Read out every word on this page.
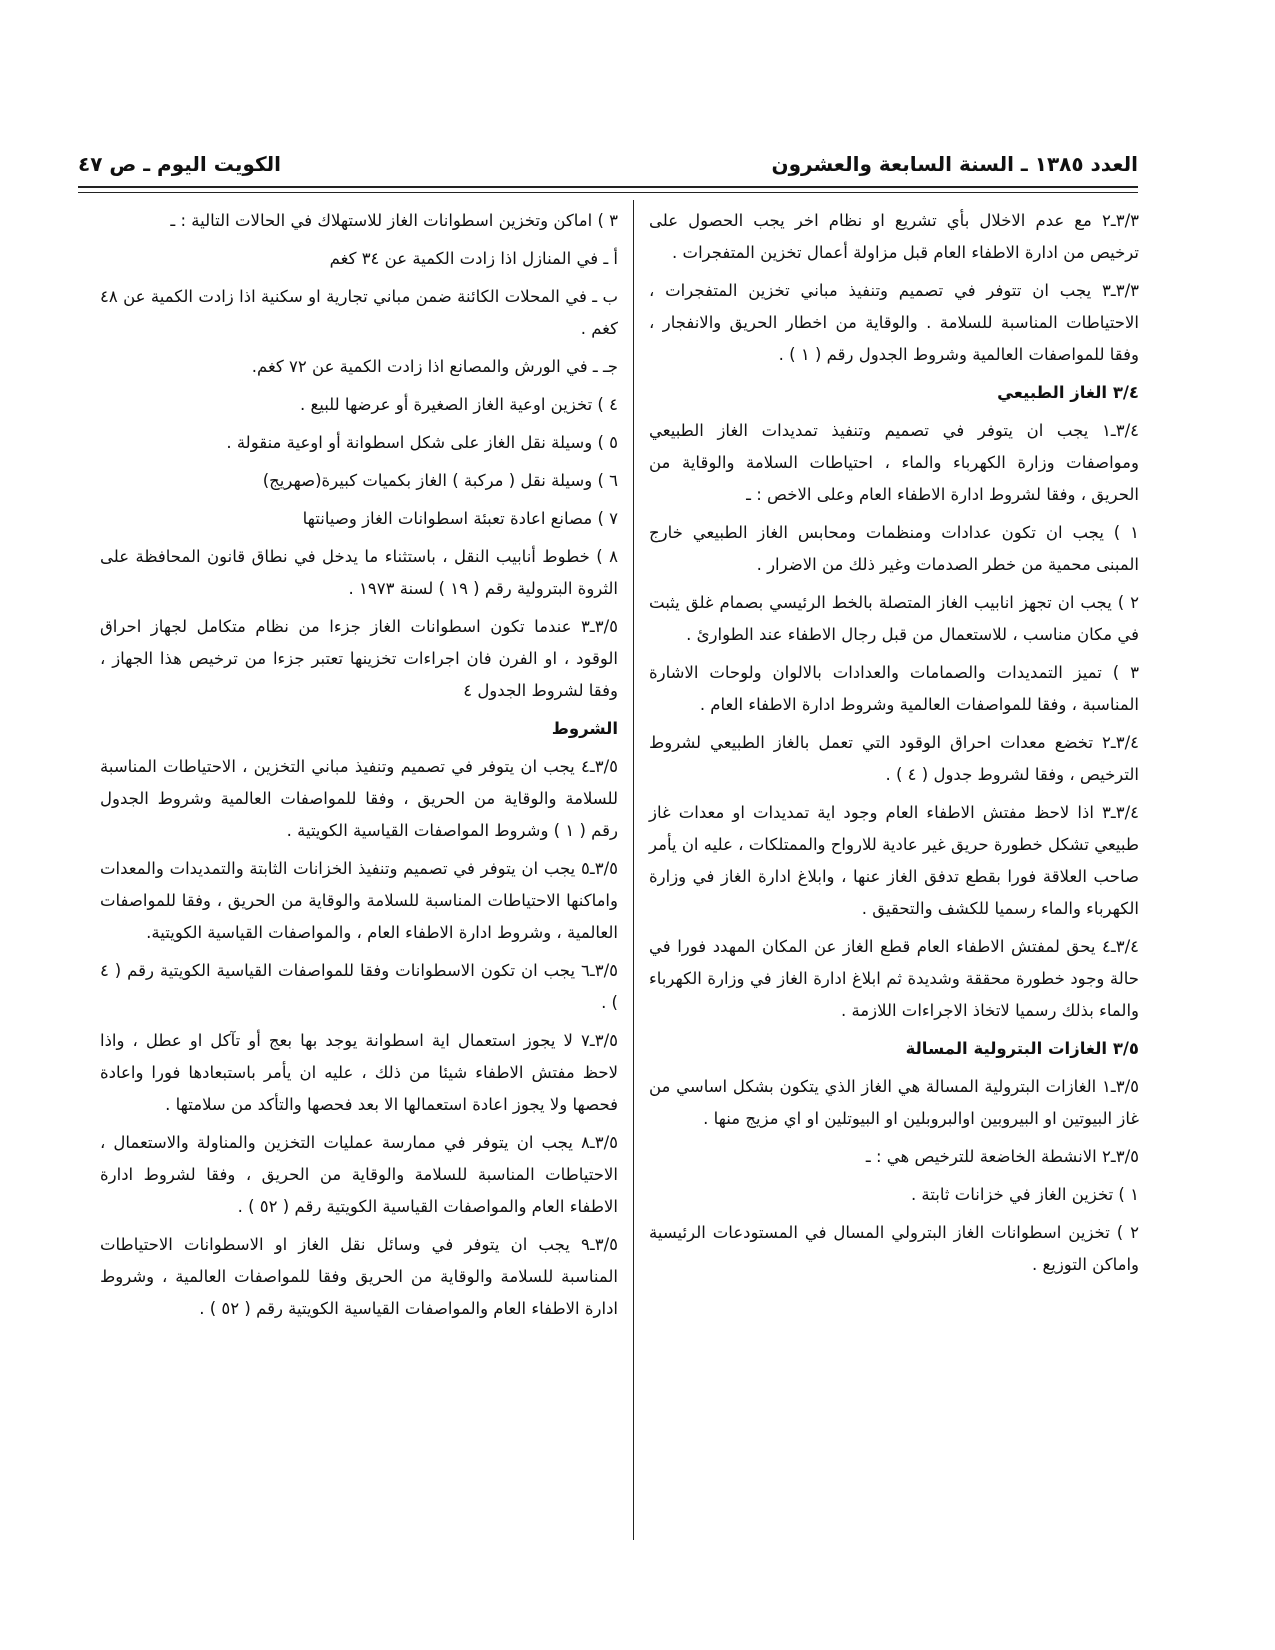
العدد ١٣٨٥ ـ السنة السابعة والعشرون
الكويت اليوم ـ ص ٤٧
٣/٣ـ٢ مع عدم الاخلال بأي تشريع او نظام اخر يجب الحصول على ترخيص من ادارة الاطفاء العام قبل مزاولة أعمال تخزين المتفجرات .
٣/٣ـ٣ يجب ان تتوفر في تصميم وتنفيذ مباني تخزين المتفجرات ، الاحتياطات المناسبة للسلامة . والوقاية من اخطار الحريق والانفجار ، وفقا للمواصفات العالمية وشروط الجدول رقم ( ١ ) .
٣/٤ الغاز الطبيعي
٣/٤ـ١ يجب ان يتوفر في تصميم وتنفيذ تمديدات الغاز الطبيعي ومواصفات وزارة الكهرباء والماء ، احتياطات السلامة والوقاية من الحريق ، وفقا لشروط ادارة الاطفاء العام وعلى الاخص : ـ
١ ) يجب ان تكون عدادات ومنظمات ومحابس الغاز الطبيعي خارج المبنى محمية من خطر الصدمات وغير ذلك من الاضرار .
٢ ) يجب ان تجهز انابيب الغاز المتصلة بالخط الرئيسي بصمام غلق يثبت في مكان مناسب ، للاستعمال من قبل رجال الاطفاء عند الطوارئ .
٣ ) تميز التمديدات والصمامات والعدادات بالالوان ولوحات الاشارة المناسبة ، وفقا للمواصفات العالمية وشروط ادارة الاطفاء العام .
٣/٤ـ٢ تخضع معدات احراق الوقود التي تعمل بالغاز الطبيعي لشروط الترخيص ، وفقا لشروط جدول ( ٤ ) .
٣/٤ـ٣ اذا لاحظ مفتش الاطفاء العام وجود اية تمديدات او معدات غاز طبيعي تشكل خطورة حريق غير عادية للارواح والممتلكات ، عليه ان يأمر صاحب العلاقة فورا بقطع تدفق الغاز عنها ، وابلاغ ادارة الغاز في وزارة الكهرباء والماء رسميا للكشف والتحقيق .
٣/٤ـ٤ يحق لمفتش الاطفاء العام قطع الغاز عن المكان المهدد فورا في حالة وجود خطورة محققة وشديدة ثم ابلاغ ادارة الغاز في وزارة الكهرباء والماء بذلك رسميا لاتخاذ الاجراءات اللازمة .
٣/٥ الغازات البترولية المسالة
٣/٥ـ١ الغازات البترولية المسالة هي الغاز الذي يتكون بشكل اساسي من غاز البيوتين او البيروبين اوالبروبلين او البيوتلين او اي مزيج منها .
٣/٥ـ٢ الانشطة الخاضعة للترخيص هي : ـ
١ ) تخزين الغاز في خزانات ثابتة .
٢ ) تخزين اسطوانات الغاز البترولي المسال في المستودعات الرئيسية واماكن التوزيع .
٣ ) اماكن وتخزين اسطوانات الغاز للاستهلاك في الحالات التالية : ـ
أ ـ في المنازل اذا زادت الكمية عن ٣٤ كغم
ب ـ في المحلات الكائنة ضمن مباني تجارية او سكنية اذا زادت الكمية عن ٤٨ كغم .
جـ ـ في الورش والمصانع اذا زادت الكمية عن ٧٢ كغم.
٤ ) تخزين اوعية الغاز الصغيرة أو عرضها للبيع .
٥ ) وسيلة نقل الغاز على شكل اسطوانة أو اوعية منقولة .
٦ ) وسيلة نقل ( مركبة ) الغاز بكميات كبيرة(صهريج)
٧ ) مصانع اعادة تعبئة اسطوانات الغاز وصيانتها
٨ ) خطوط أنابيب النقل ، باستثناء ما يدخل في نطاق قانون المحافظة على الثروة البترولية رقم ( ١٩ ) لسنة ١٩٧٣ .
٣/٥ـ٣ عندما تكون اسطوانات الغاز جزءا من نظام متكامل لجهاز احراق الوقود ، او الفرن فان اجراءات تخزينها تعتبر جزءا من ترخيص هذا الجهاز ، وفقا لشروط الجدول ٤
الشروط
٣/٥ـ٤ يجب ان يتوفر في تصميم وتنفيذ مباني التخزين ، الاحتياطات المناسبة للسلامة والوقاية من الحريق ، وفقا للمواصفات العالمية وشروط الجدول رقم ( ١ ) وشروط المواصفات القياسية الكويتية .
٣/٥ـ٥ يجب ان يتوفر في تصميم وتنفيذ الخزانات الثابتة والتمديدات والمعدات واماكنها الاحتياطات المناسبة للسلامة والوقاية من الحريق ، وفقا للمواصفات العالمية ، وشروط ادارة الاطفاء العام ، والمواصفات القياسية الكويتية.
٣/٥ـ٦ يجب ان تكون الاسطوانات وفقا للمواصفات القياسية الكويتية رقم ( ٤ ) .
٣/٥ـ٧ لا يجوز استعمال اية اسطوانة يوجد بها بعج أو تآكل او عطل ، واذا لاحظ مفتش الاطفاء شيئا من ذلك ، عليه ان يأمر باستبعادها فورا واعادة فحصها ولا يجوز اعادة استعمالها الا بعد فحصها والتأكد من سلامتها .
٣/٥ـ٨ يجب ان يتوفر في ممارسة عمليات التخزين والمناولة والاستعمال ، الاحتياطات المناسبة للسلامة والوقاية من الحريق ، وفقا لشروط ادارة الاطفاء العام والمواصفات القياسية الكويتية رقم ( ٥٢ ) .
٣/٥ـ٩ يجب ان يتوفر في وسائل نقل الغاز او الاسطوانات الاحتياطات المناسبة للسلامة والوقاية من الحريق وفقا للمواصفات العالمية ، وشروط ادارة الاطفاء العام والمواصفات القياسية الكويتية رقم ( ٥٢ ) .
